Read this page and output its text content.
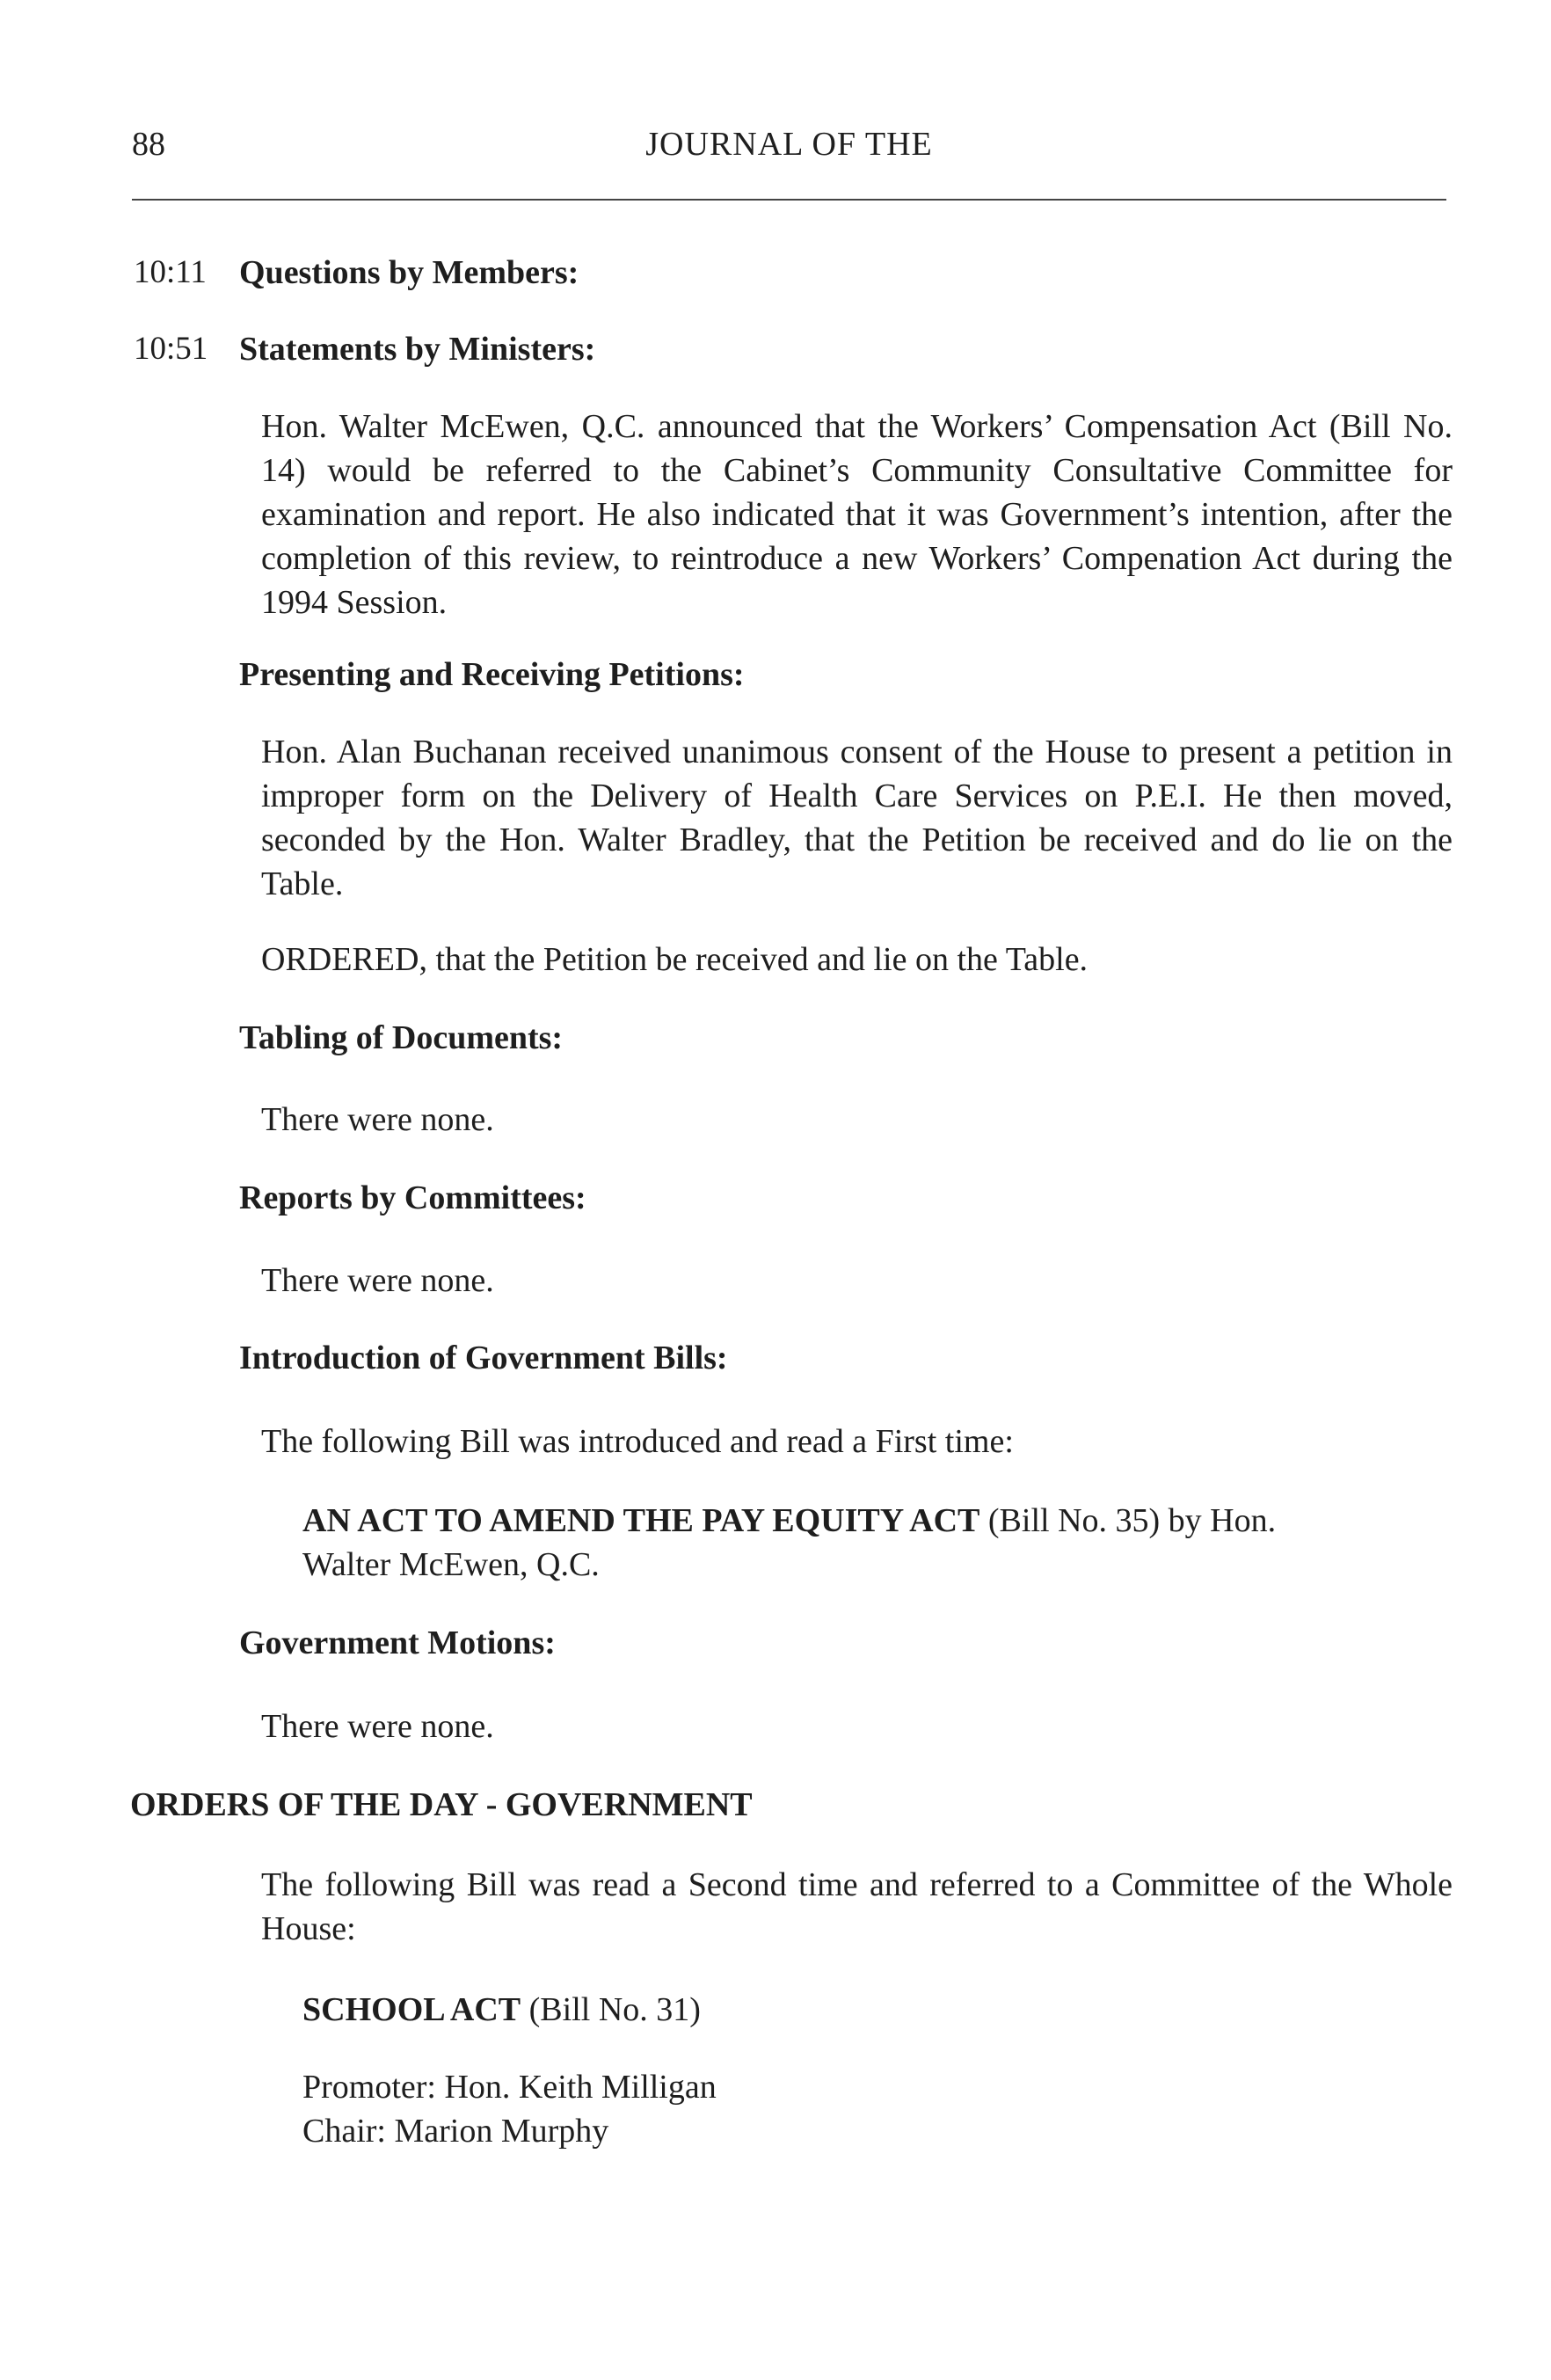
88	JOURNAL OF THE
10:11 Questions by Members:
10:51 Statements by Ministers:
Hon. Walter McEwen, Q.C. announced that the Workers’ Compensation Act (Bill No. 14) would be referred to the Cabinet’s Community Consultative Committee for examination and report. He also indicated that it was Government’s intention, after the completion of this review, to reintroduce a new Workers’ Compenation Act during the 1994 Session.
Presenting and Receiving Petitions:
Hon. Alan Buchanan received unanimous consent of the House to present a petition in improper form on the Delivery of Health Care Services on P.E.I. He then moved, seconded by the Hon. Walter Bradley, that the Petition be received and do lie on the Table.
ORDERED, that the Petition be received and lie on the Table.
Tabling of Documents:
There were none.
Reports by Committees:
There were none.
Introduction of Government Bills:
The following Bill was introduced and read a First time:
AN ACT TO AMEND THE PAY EQUITY ACT (Bill No. 35) by Hon.
Walter McEwen, Q.C.
Government Motions:
There were none.
ORDERS OF THE DAY - GOVERNMENT
The following Bill was read a Second time and referred to a Committee of the Whole House:
SCHOOL ACT (Bill No. 31)
Promoter: Hon. Keith Milligan
Chair: Marion Murphy
